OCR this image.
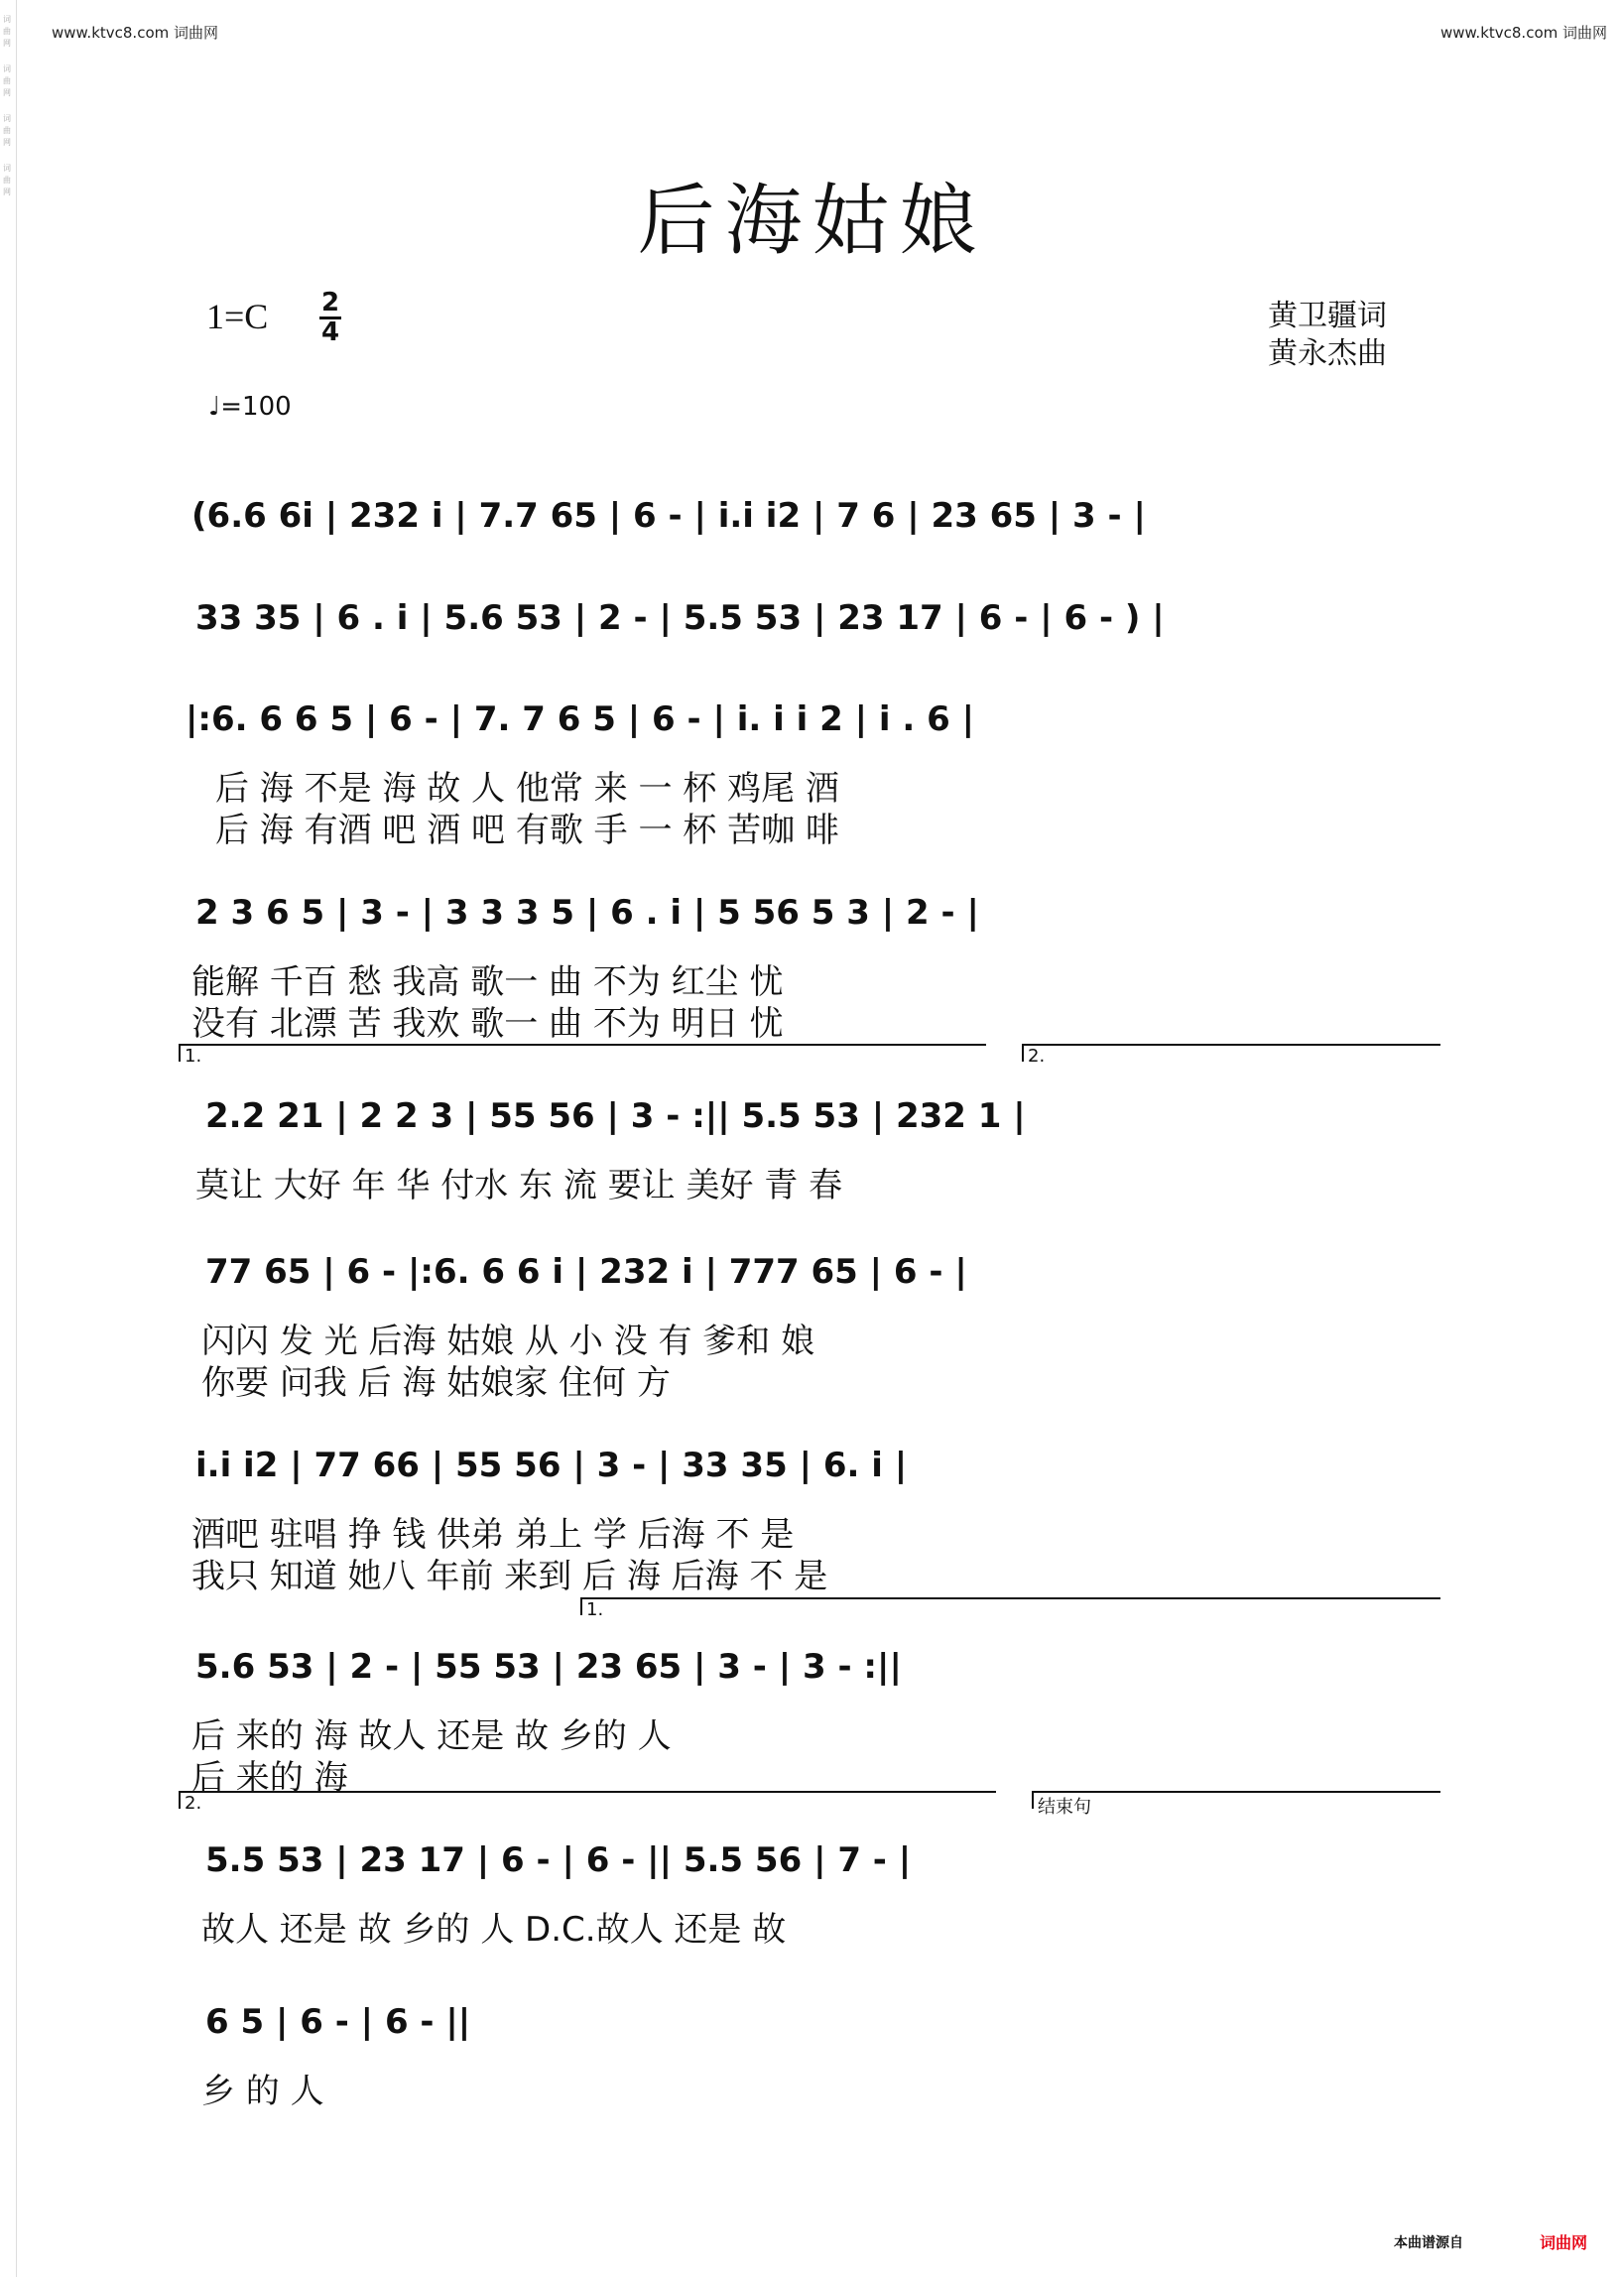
词曲网
词曲网
词曲网
词曲网
www.ktvc8.com 词曲网	www.ktvc8.com 词曲网
后海姑娘
1=C 2
4
♩=100
黄卫疆词
黄永杰曲
(6.6 6i | 232 i | 7.7 65 | 6 - | i.i i2 | 7 6 | 23 65 | 3 - |
33 35 | 6 . i | 5.6 53 | 2 - | 5.5 53 | 23 17 | 6 - | 6 - ) |
|:6. 6 6 5 | 6 - | 7. 7 6 5 | 6 - | i. i i 2 | i . 6 |
后 海 不是 海 故 人 他常 来 一 杯 鸡尾 酒
后 海 有酒 吧 酒 吧 有歌 手 一 杯 苦咖 啡
2 3 6 5 | 3 - | 3 3 3 5 | 6 . i | 5 56 5 3 | 2 - |
能解 千百 愁 我高 歌一 曲 不为 红尘 忧
没有 北漂 苦 我欢 歌一 曲 不为 明日 忧
1.	2.
2.2 21 | 2 2 3 | 55 56 | 3 - :|| 5.5 53 | 232 1 |
莫让 大好 年 华 付水 东 流 要让 美好 青 春
77 65 | 6 - |:6. 6 6 i | 232 i | 777 65 | 6 - |
闪闪 发 光 后海 姑娘 从 小 没 有 爹和 娘
你要 问我 后 海 姑娘家 住何 方
i.i i2 | 77 66 | 55 56 | 3 - | 33 35 | 6. i |
酒吧 驻唱 挣 钱 供弟 弟上 学 后海 不 是
我只 知道 她八 年前 来到 后 海 后海 不 是
1.
5.6 53 | 2 - | 55 53 | 23 65 | 3 - | 3 - :||
后 来的 海 故人 还是 故 乡的 人
后 来的 海
2.	结束句
5.5 53 | 23 17 | 6 - | 6 - || 5.5 56 | 7 - |
故人 还是 故 乡的 人 D.C.故人 还是 故
6 5 | 6 - | 6 - ||
乡 的 人
本曲谱源自	词曲网
